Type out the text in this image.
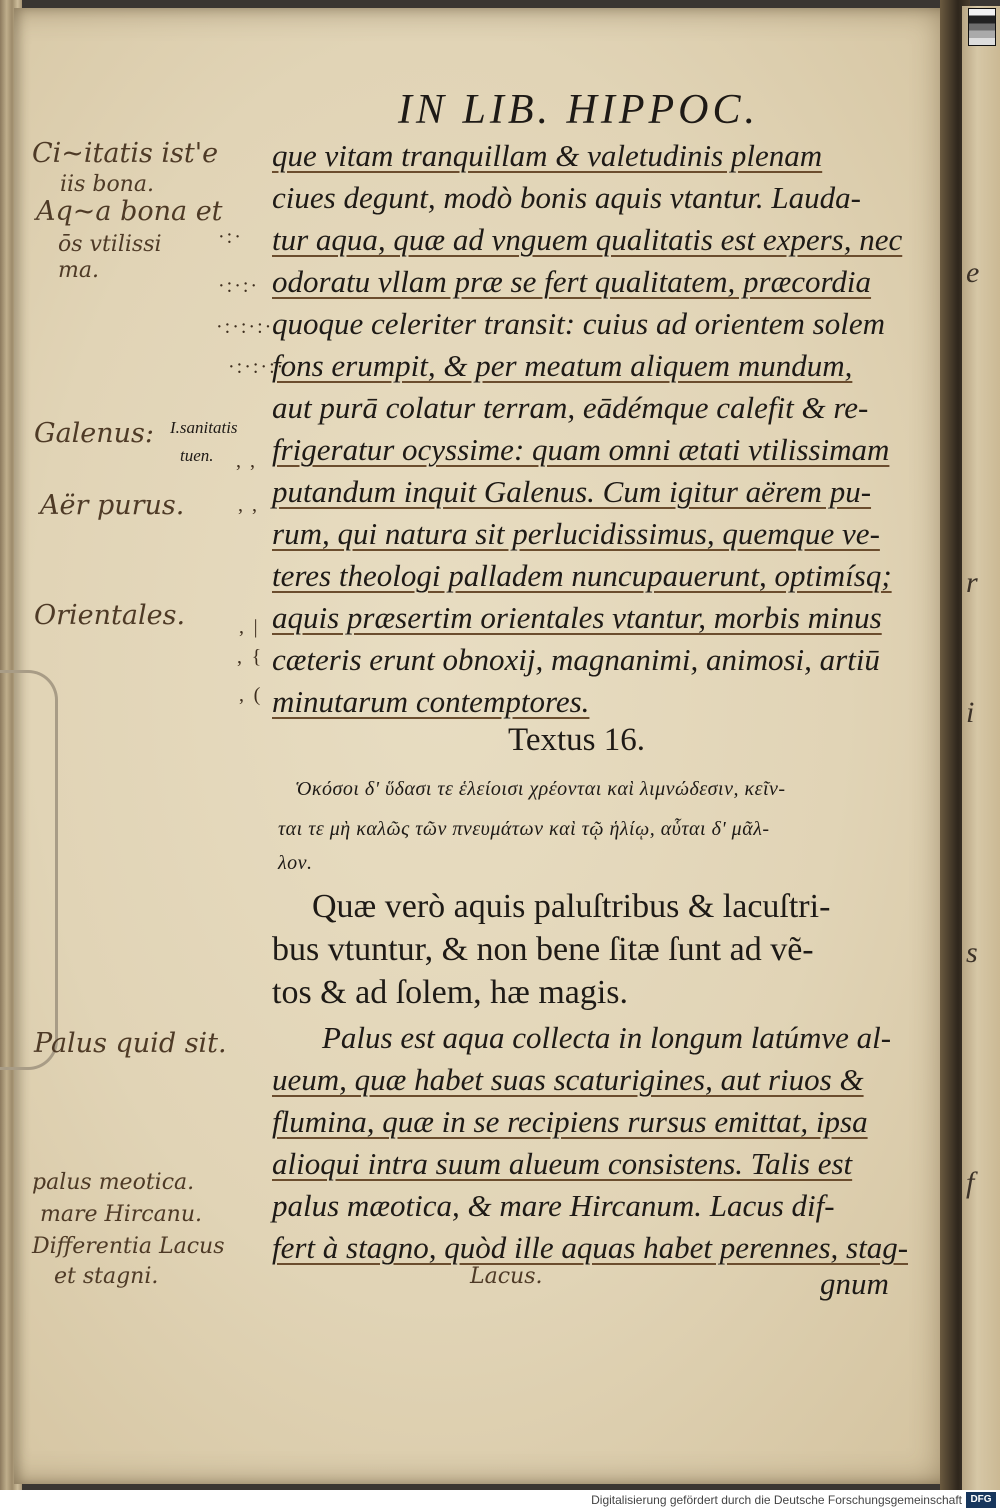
e
r
i
s
f
IN LIB. HIPPOC.
que vitam tranquillam & valetudinis plenam
ciues degunt, modò bonis aquis vtantur. Lauda-
tur aqua, quæ ad vnguem qualitatis est expers, nec
odoratu vllam præ se fert qualitatem, præcordia
quoque celeriter transit: cuius ad orientem solem
fons erumpit, & per meatum aliquem mundum,
aut purā colatur terram, eādémque calefit & re-
frigeratur ocyssime: quam omni ætati vtilissimam
putandum inquit Galenus. Cum igitur aërem pu-
rum, qui natura sit perlucidissimus, quemque ve-
teres theologi palladem nuncupauerunt, optimísq;
aquis præsertim orientales vtantur, morbis minus
cæteris erunt obnoxij, magnanimi, animosi, artiū
minutarum contemptores.
Textus 16.
Ὁκόσοι δ' ὕδασι τε ἑλείοισι χρέονται καὶ λιμνώδεσιν, κεῖν-
ται τε μὴ καλῶς τῶν πνευμάτων καὶ τῷ ἡλίῳ, αὗται δ' μᾶλ-
λον.
Quæ verò aquis paluſtribus & lacuſtri-
bus vtuntur, & non bene ſitæ ſunt ad vẽ-
tos & ad ſolem, hæ magis.
Palus est aqua collecta in longum latúmve al-
ueum, quæ habet suas scaturigines, aut riuos &
flumina, quæ in se recipiens rursus emittat, ipsa
alioqui intra suum alueum consistens. Talis est
palus mæotica, & mare Hircanum. Lacus dif-
fert à stagno, quòd ille aquas habet perennes, stag-
gnum
I.sanitatis
tuen.
·:·
·:·:·
·:·:·:·
·:·:·:·
, ,
, ,
‚ |
‚ {
‚ (
Ci~itatis ist'e
iis bona.
Aq~a bona et
ōs vtilissi
ma.
Galenus:
Aër purus.
Orientales.
Palus quid sit.
palus meotica.
mare Hircanu.
Differentia Lacus
et stagni.	Lacus.
Digitalisierung gefördert durch die Deutsche Forschungsgemeinschaft DFG
